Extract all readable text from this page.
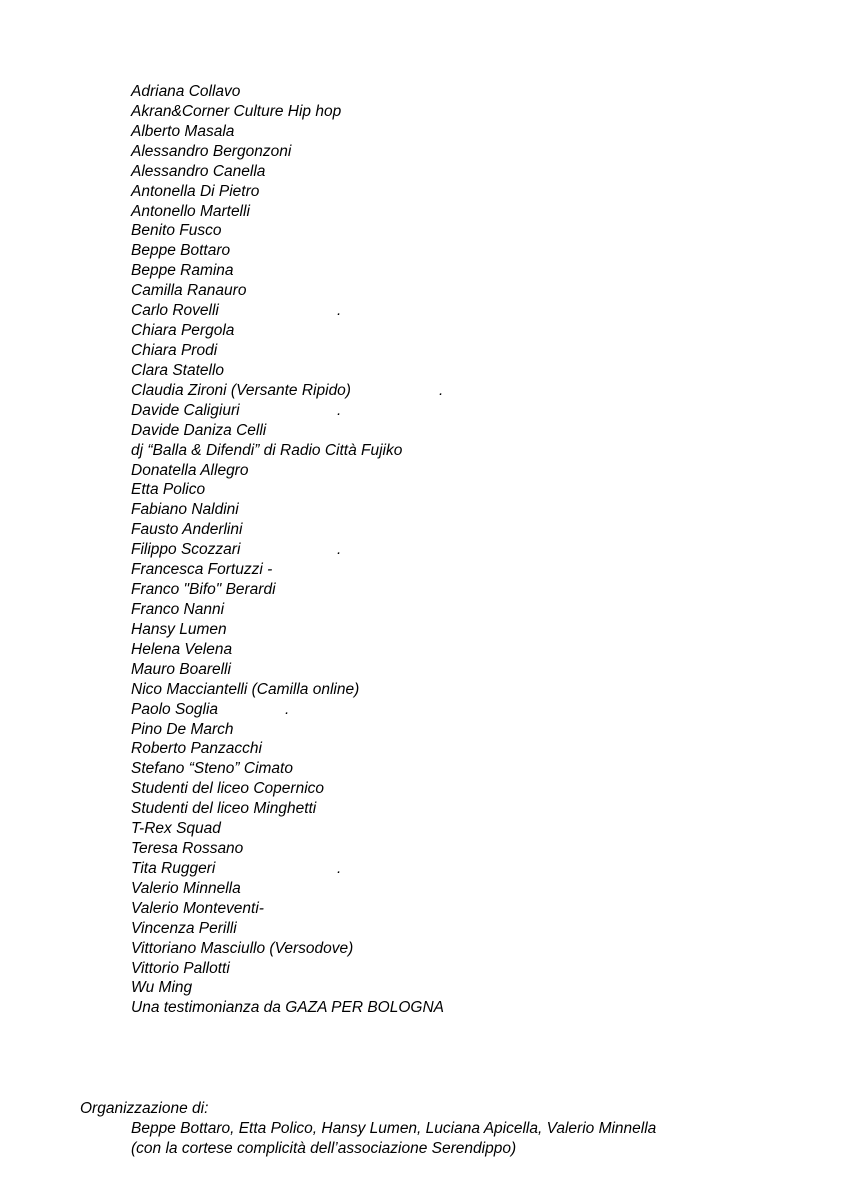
Adriana Collavo
Akran&Corner Culture Hip hop
Alberto Masala
Alessandro Bergonzoni
Alessandro Canella
Antonella Di Pietro
Antonello Martelli
Benito Fusco
Beppe Bottaro
Beppe Ramina
Camilla Ranauro
Carlo Rovelli	.
Chiara Pergola
Chiara Prodi
Clara Statello
Claudia Zironi (Versante Ripido)	.
Davide Caligiuri	.
Davide Daniza Celli
dj “Balla & Difendi” di Radio Città Fujiko
Donatella Allegro
Etta Polico
Fabiano Naldini
Fausto Anderlini
Filippo Scozzari	.
Francesca Fortuzzi -
Franco "Bifo" Berardi
Franco Nanni
Hansy Lumen
Helena Velena
Mauro Boarelli
Nico Macciantelli (Camilla online)
Paolo Soglia	.
Pino De March
Roberto Panzacchi
Stefano “Steno” Cimato
Studenti del liceo Copernico
Studenti del liceo Minghetti
T-Rex Squad
Teresa Rossano
Tita Ruggeri	.
Valerio Minnella
Valerio Monteventi-
Vincenza Perilli
Vittoriano Masciullo (Versodove)
Vittorio Pallotti
Wu Ming
Una testimonianza da GAZA PER BOLOGNA
Organizzazione di:
Beppe Bottaro, Etta Polico, Hansy Lumen, Luciana Apicella, Valerio Minnella
(con la cortese complicità dell’associazione Serendippo)
